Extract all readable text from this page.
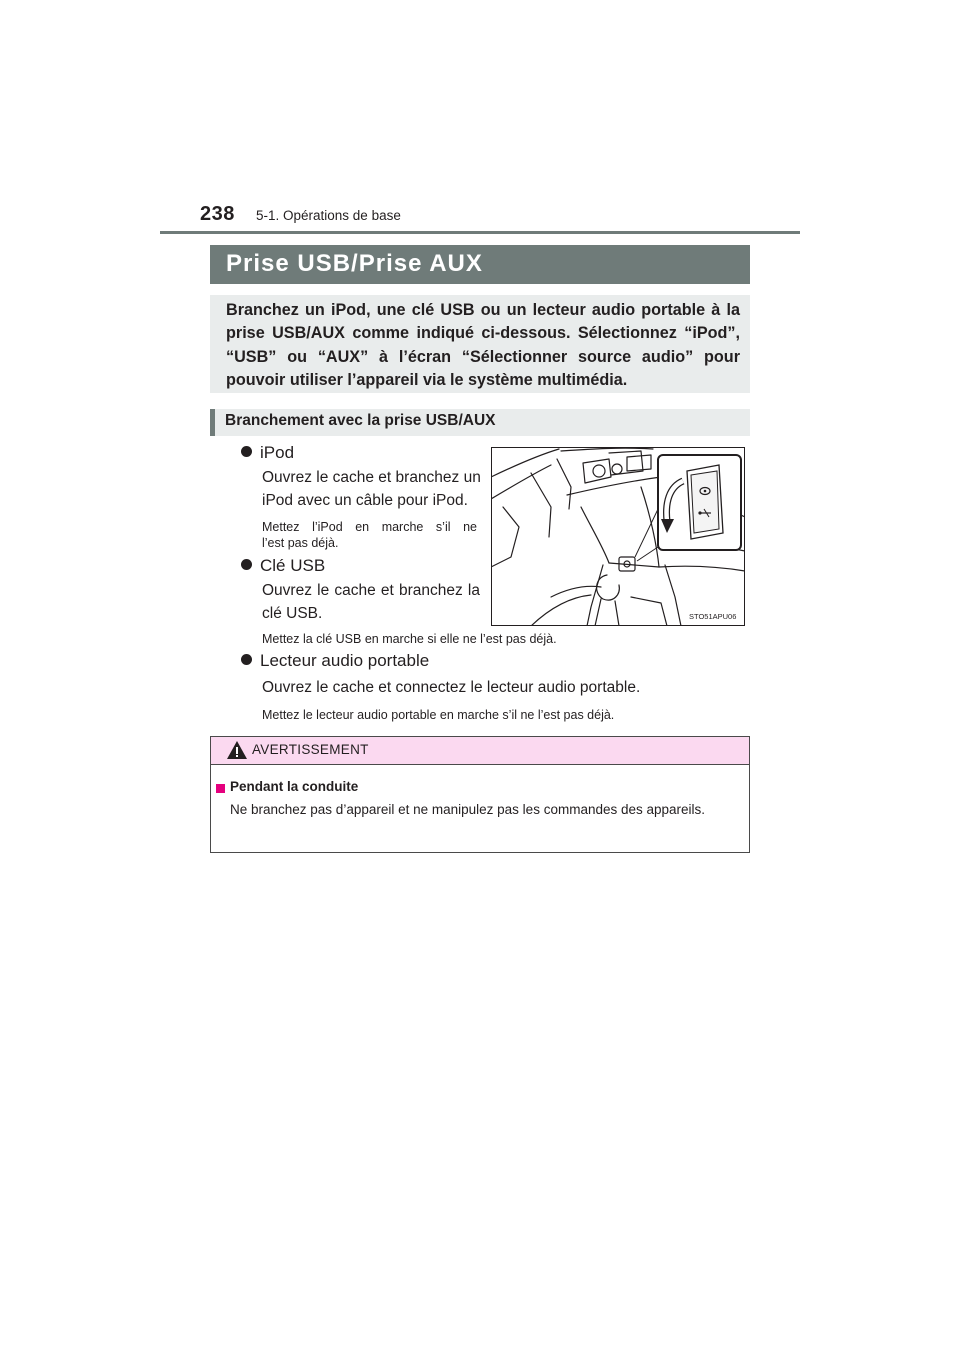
238 5-1. Opérations de base
Prise USB/Prise AUX
Branchez un iPod, une clé USB ou un lecteur audio portable à la prise USB/AUX comme indiqué ci-dessous. Sélectionnez “iPod”, “USB” ou “AUX” à l’écran “Sélectionner source audio” pour pouvoir utiliser l’appareil via le système multimédia.
Branchement avec la prise USB/AUX
iPod
Ouvrez le cache et branchez un
iPod avec un câble pour iPod.
Mettez l’iPod en marche s’il ne
l’est pas déjà.
Clé USB
Ouvrez le cache et branchez la
clé USB.
Mettez la clé USB en marche si elle ne l’est pas déjà.
Lecteur audio portable
Ouvrez le cache et connectez le lecteur audio portable.
Mettez le lecteur audio portable en marche s’il ne l’est pas déjà.
STO51APU06
AVERTISSEMENT
Pendant la conduite
Ne branchez pas d’appareil et ne manipulez pas les commandes des appareils.
